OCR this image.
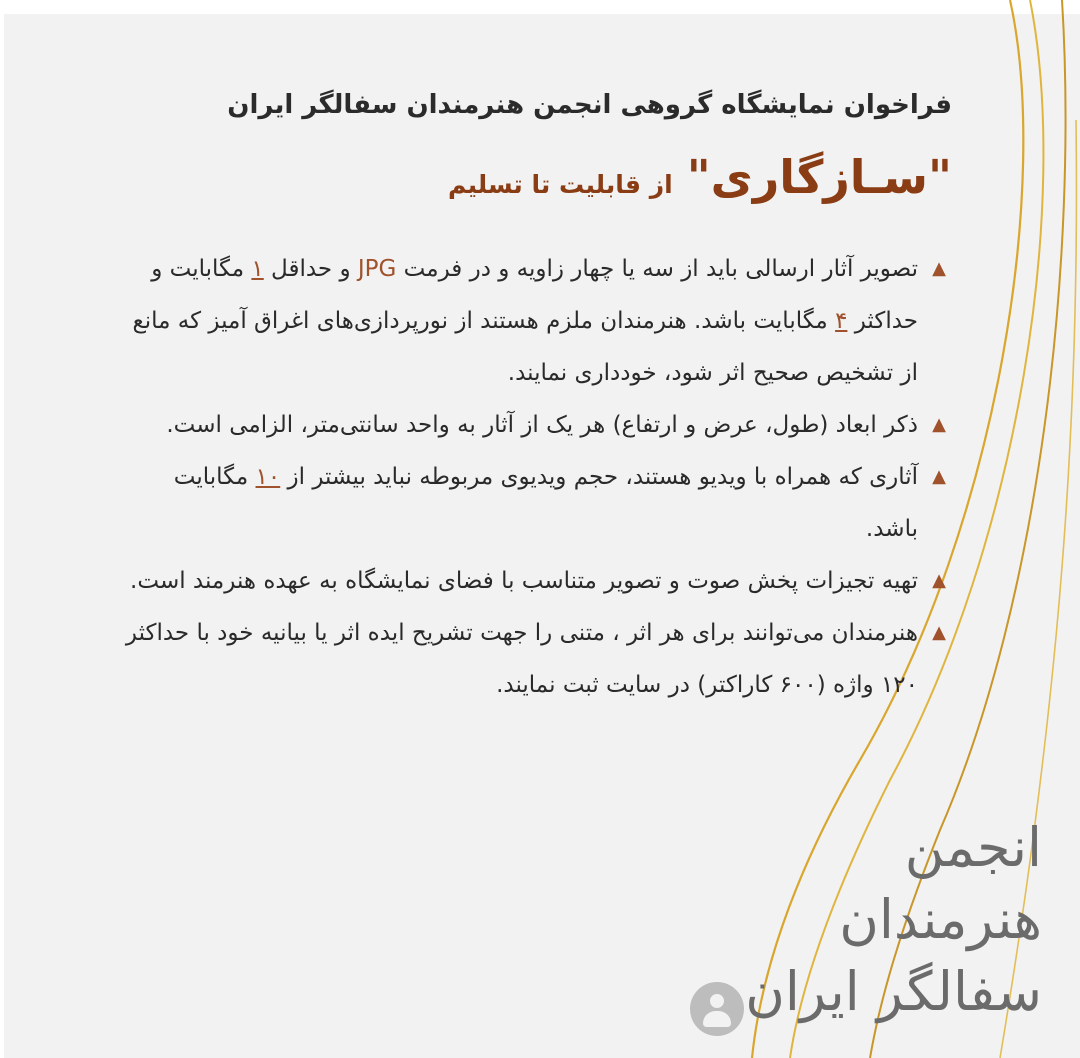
فراخوان نمایشگاه گروهی انجمن هنرمندان سفالگر ایران
"سـاز‌گاری"
از قابلیت تا تسلیم
▲
تصویر آثار ارسالی باید از سه یا چهار زاویه و در فرمت JPG و حداقل ۱ مگابایت و حداکثر ۴ مگابایت باشد. هنرمندان ملزم هستند از نورپردازی‌های اغراق آمیز که مانع از تشخیص صحیح اثر شود، خودداری نمایند.
▲
ذکر ابعاد (طول، عرض و ارتفاع) هر یک از آثار به واحد سانتی‌متر، الزامی است.
▲
آثاری که همراه با ویدیو هستند، حجم ویدیوی مربوطه نباید بیشتر از ۱۰ مگابایت باشد.
▲
تهیه تجیزات پخش صوت و تصویر متناسب با فضای نمایشگاه به عهده هنرمند است.
▲
هنرمندان می‌توانند برای هر اثر ، متنی را جهت تشریح ایده اثر یا بیانیه خود با حداکثر ۱۲۰ واژه (۶۰۰ کاراکتر) در سایت ثبت نمایند.
انجمن
هنرمندان
سفالگر ایران
